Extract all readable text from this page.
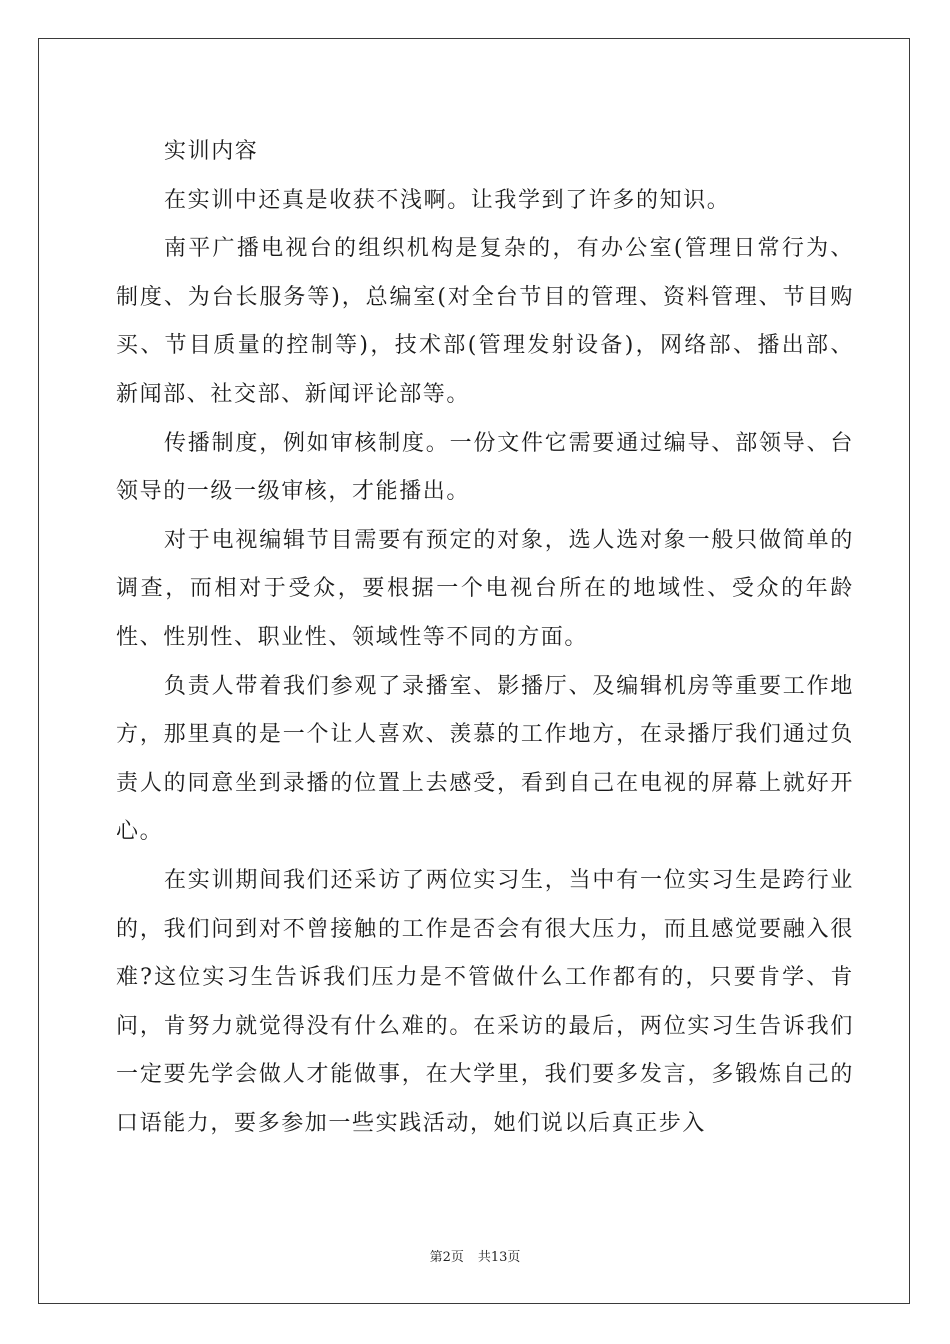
实训内容

在实训中还真是收获不浅啊。让我学到了许多的知识。

南平广播电视台的组织机构是复杂的，有办公室(管理日常行为、制度、为台长服务等)，总编室(对全台节目的管理、资料管理、节目购买、节目质量的控制等)，技术部(管理发射设备)，网络部、播出部、新闻部、社交部、新闻评论部等。

传播制度，例如审核制度。一份文件它需要通过编导、部领导、台领导的一级一级审核，才能播出。

对于电视编辑节目需要有预定的对象，选人选对象一般只做简单的调查，而相对于受众，要根据一个电视台所在的地域性、受众的年龄性、性别性、职业性、领域性等不同的方面。

负责人带着我们参观了录播室、影播厅、及编辑机房等重要工作地方，那里真的是一个让人喜欢、羡慕的工作地方，在录播厅我们通过负责人的同意坐到录播的位置上去感受，看到自己在电视的屏幕上就好开心。

在实训期间我们还采访了两位实习生，当中有一位实习生是跨行业的，我们问到对不曾接触的工作是否会有很大压力，而且感觉要融入很难?这位实习生告诉我们压力是不管做什么工作都有的，只要肯学、肯问，肯努力就觉得没有什么难的。在采访的最后，两位实习生告诉我们一定要先学会做人才能做事，在大学里，我们要多发言，多锻炼自己的口语能力，要多参加一些实践活动，她们说以后真正步入

第2页 共13页
